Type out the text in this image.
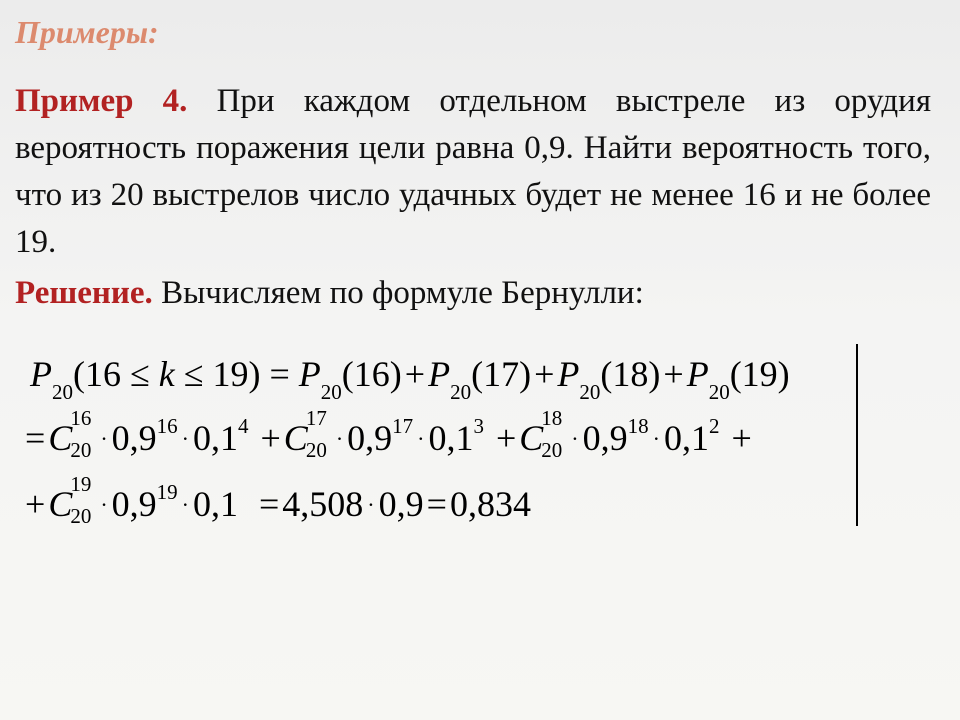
Примеры:
Пример 4. При каждом отдельном выстреле из орудия вероятность поражения цели равна 0,9. Найти вероятность того, что из 20 выстрелов число удачных будет не менее 16 и не более 19.
Решение. Вычисляем по формуле Бернулли:
P20(16 ≤ k ≤ 19) = P20(16)+P20(17)+P20(18)+P20(19)
=C
16
20 · 0,916 · 0,14 +C
17
20 · 0,917 · 0,13 +C
18
20 · 0,918 · 0,12 +
+C
19
20 · 0,919 · 0,1 =4,508 · 0,9=0,834
